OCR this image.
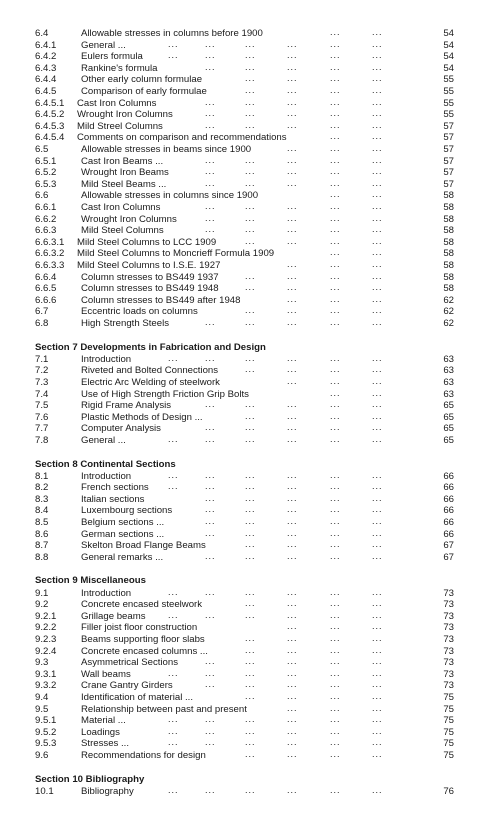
6.4	Allowable stresses in columns before 1900	...	...	54
6.4.1	General ...	...	...	...	...	...	...	54
6.4.2	Eulers formula	...	...	...	...	...	...	54
6.4.3	Rankine's formula	...	...	...	...	...	54
6.4.4	Other early column formulae	...	...	...	...	55
6.4.5	Comparison of early formulae	...	...	...	...	55
6.4.5.1 Cast Iron Columns	...	...	...	...	...	55
6.4.5.2 Wrought Iron Columns	...	...	...	...	...	55
6.4.5.3 Mild Streel Columns	...	...	...	...	...	57
6.4.5.4 Comments on comparison and recommendations	...	...	57
6.5	Allowable stresses in beams since 1900	...	...	...	57
6.5.1	Cast Iron Beams ...	...	...	...	...	...	57
6.5.2	Wrought Iron Beams	...	...	...	...	...	57
6.5.3	Mild Steel Beams ...	...	...	...	...	...	57
6.6	Allowable stresses in columns since 1900	...	...	58
6.6.1	Cast Iron Columns	...	...	...	...	...	58
6.6.2	Wrought Iron Columns	...	...	...	...	...	58
6.6.3	Mild Steel Columns	...	...	...	...	...	58
6.6.3.1 Mild Steel Columns to LCC 1909	...	...	...	...	58
6.6.3.2 Mild Steel Columns to Moncrieff Formula 1909	...	...	58
6.6.3.3 Mild Steel Columns to I.S.E. 1927	...	...	...	58
6.6.4	Column stresses to BS449 1937	...	...	...	...	58
6.6.5	Column stresses to BS449 1948	...	...	...	...	58
6.6.6	Column stresses to BS449 after 1948	...	...	...	62
6.7	Eccentric loads on columns	...	...	...	...	62
6.8	High Strength Steels	...	...	...	...	...	62
Section 7 Developments in Fabrication and Design
7.1	Introduction	...	...	...	...	...	...	63
7.2	Riveted and Bolted Connections	...	...	...	...	63
7.3	Electric Arc Welding of steelwork	...	...	...	63
7.4	Use of High Strength Friction Grip Bolts	...	...	63
7.5	Rigid Frame Analysis	...	...	...	...	...	65
7.6	Plastic Methods of Design ...	...	...	...	...	65
7.7	Computer Analysis	...	...	...	...	...	65
7.8	General ...	...	...	...	...	...	...	65
Section 8 Continental Sections
8.1	Introduction	...	...	...	...	...	...	66
8.2	French sections ...	...	...	...	...	...	66
8.3	Italian sections	...	...	...	...	...	66
8.4	Luxembourg sections	...	...	...	...	...	66
8.5	Belgium sections ...	...	...	...	...	...	66
8.6	German sections ...	...	...	...	...	...	66
8.7	Skelton Broad Flange Beams	...	...	...	...	67
8.8	General remarks ...	...	...	...	...	...	67
Section 9 Miscellaneous
9.1	Introduction	...	...	...	...	...	...	73
9.2	Concrete encased steelwork	...	...	...	...	73
9.2.1	Grillage beams ...	...	...	...	...	...	73
9.2.2	Filler joist floor construction	...	...	...	73
9.2.3	Beams supporting floor slabs	...	...	...	...	73
9.2.4	Concrete encased columns ...	...	...	...	...	73
9.3	Asymmetrical Sections	...	...	...	...	...	73
9.3.1	Wall beams	...	...	...	...	...	...	73
9.3.2	Crane Gantry Girders	...	...	...	...	...	73
9.4	Identification of material ...	...	...	...	...	75
9.5	Relationship between past and present	...	...	...	75
9.5.1	Material ...	...	...	...	...	...	...	75
9.5.2	Loadings	...	...	...	...	...	...	75
9.5.3	Stresses ...	...	...	...	...	...	...	75
9.6	Recommendations for design	...	...	...	...	75
Section 10 Bibliography
10.1	Bibliography	...	...	...	...	...	...	76
